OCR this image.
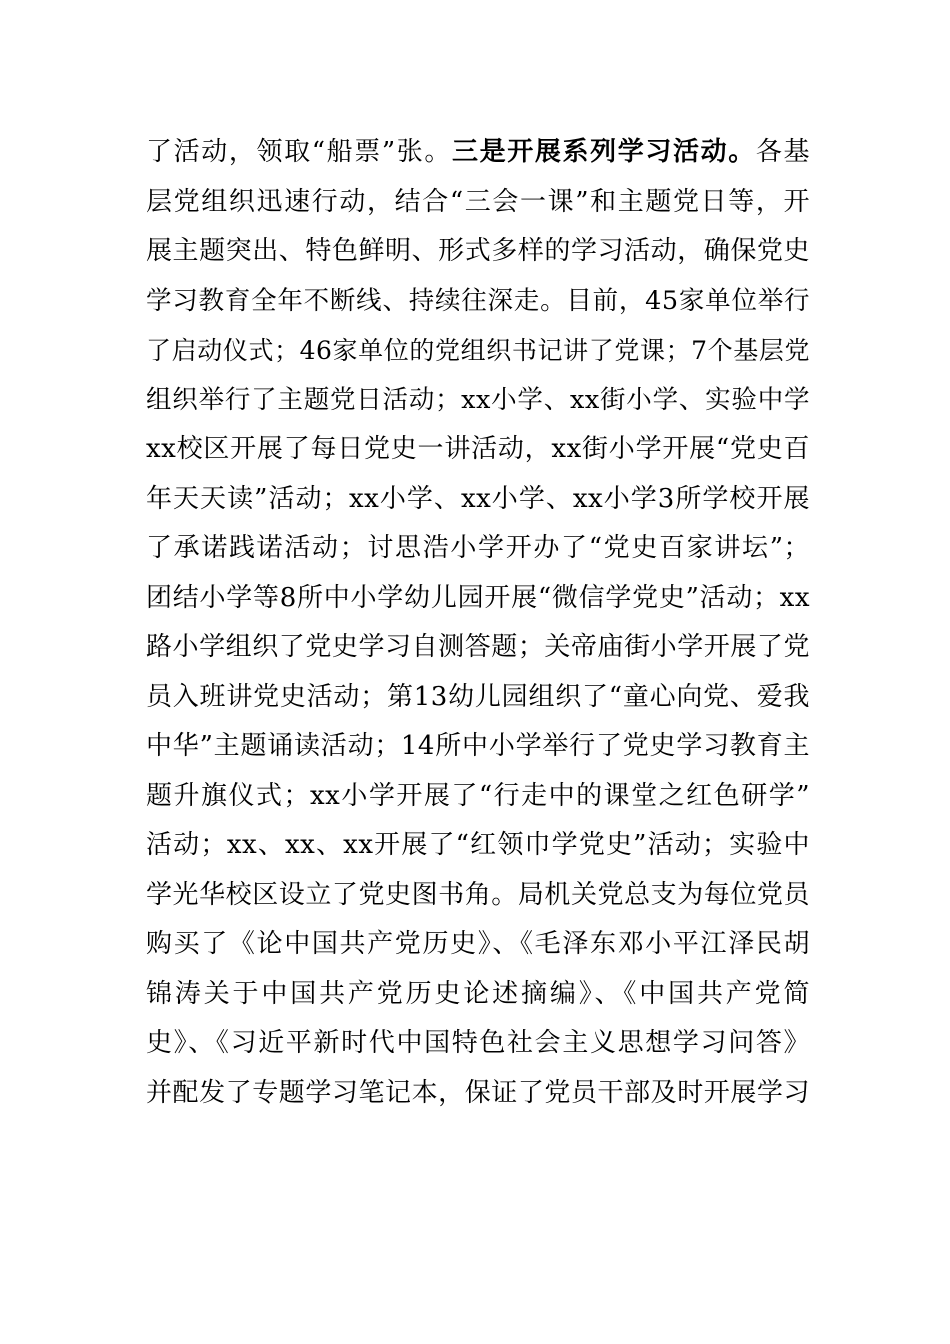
了活动，领取“船票”张。三是开展系列学习活动。各基
层党组织迅速行动，结合“三会一课”和主题党日等，开
展主题突出、特色鲜明、形式多样的学习活动，确保党史
学习教育全年不断线、持续往深走。目前，45家单位举行
了启动仪式；46家单位的党组织书记讲了党课；7个基层党
组织举行了主题党日活动；xx小学、xx街小学、实验中学
xx校区开展了每日党史一讲活动，xx街小学开展“党史百
年天天读”活动；xx小学、xx小学、xx小学3所学校开展
了承诺践诺活动；讨思浩小学开办了“党史百家讲坛”；
团结小学等8所中小学幼儿园开展“微信学党史”活动；xx
路小学组织了党史学习自测答题；关帝庙街小学开展了党
员入班讲党史活动；第13幼儿园组织了“童心向党、爱我
中华”主题诵读活动；14所中小学举行了党史学习教育主
题升旗仪式；xx小学开展了“行走中的课堂之红色研学”
活动；xx、xx、xx开展了“红领巾学党史”活动；实验中
学光华校区设立了党史图书角。局机关党总支为每位党员
购买了《论中国共产党历史》、《毛泽东邓小平江泽民胡
锦涛关于中国共产党历史论述摘编》、《中国共产党简
史》、《习近平新时代中国特色社会主义思想学习问答》
并配发了专题学习笔记本，保证了党员干部及时开展学习
